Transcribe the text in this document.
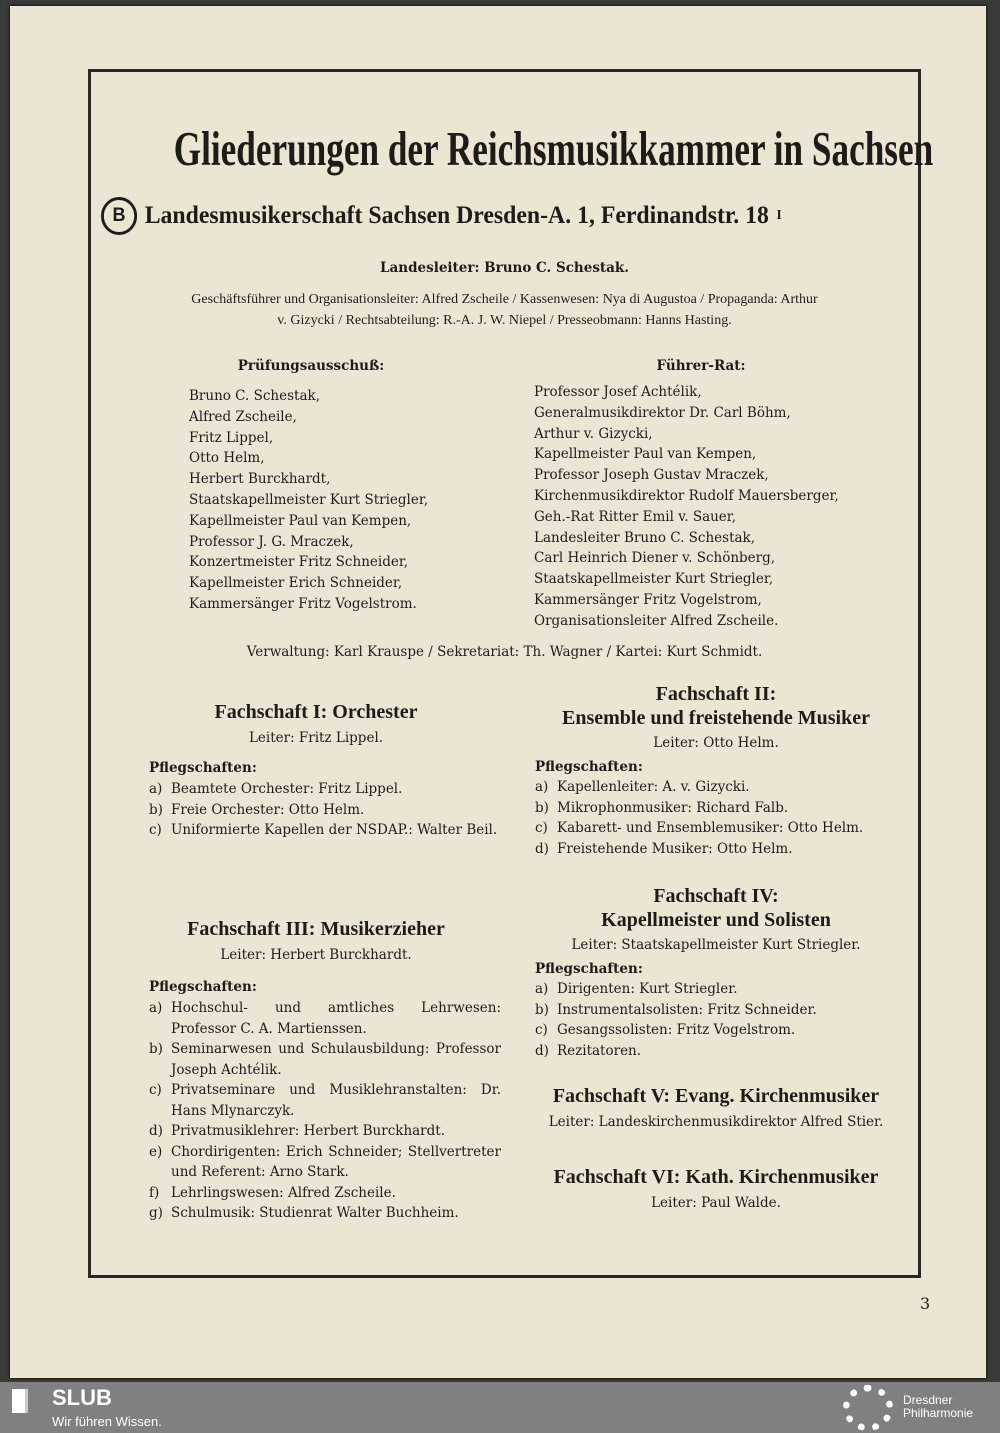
Gliederungen der Reichsmusikkammer in Sachsen
B Landesmusikerschaft Sachsen Dresden-A. 1, Ferdinandstr. 18 I
Landesleiter: Bruno C. Schestak.
Geschäftsführer und Organisationsleiter: Alfred Zscheile / Kassenwesen: Nya di Augustoa / Propaganda: Arthur
v. Gizycki / Rechtsabteilung: R.-A. J. W. Niepel / Presseobmann: Hanns Hasting.
Prüfungsausschuß:
Bruno C. Schestak,
Alfred Zscheile,
Fritz Lippel,
Otto Helm,
Herbert Burckhardt,
Staatskapellmeister Kurt Striegler,
Kapellmeister Paul van Kempen,
Professor J. G. Mraczek,
Konzertmeister Fritz Schneider,
Kapellmeister Erich Schneider,
Kammersänger Fritz Vogelstrom.
Führer-Rat:
Professor Josef Achtélik,
Generalmusikdirektor Dr. Carl Böhm,
Arthur v. Gizycki,
Kapellmeister Paul van Kempen,
Professor Joseph Gustav Mraczek,
Kirchenmusikdirektor Rudolf Mauersberger,
Geh.-Rat Ritter Emil v. Sauer,
Landesleiter Bruno C. Schestak,
Carl Heinrich Diener v. Schönberg,
Staatskapellmeister Kurt Striegler,
Kammersänger Fritz Vogelstrom,
Organisationsleiter Alfred Zscheile.
Verwaltung: Karl Krauspe / Sekretariat: Th. Wagner / Kartei: Kurt Schmidt.
Fachschaft I: Orchester
Leiter: Fritz Lippel.
Pflegschaften:
a) Beamtete Orchester: Fritz Lippel.
b) Freie Orchester: Otto Helm.
c) Uniformierte Kapellen der NSDAP.: Walter Beil.
Fachschaft II:
Ensemble und freistehende Musiker
Leiter: Otto Helm.
Pflegschaften:
a) Kapellenleiter: A. v. Gizycki.
b) Mikrophonmusiker: Richard Falb.
c) Kabarett- und Ensemblemusiker: Otto Helm.
d) Freistehende Musiker: Otto Helm.
Fachschaft III: Musikerzieher
Leiter: Herbert Burckhardt.
Pflegschaften:
a) Hochschul- und amtliches Lehrwesen: Professor C. A. Martienssen.
b) Seminarwesen und Schulausbildung: Professor Joseph Achtélik.
c) Privatseminare und Musiklehranstalten: Dr. Hans Mlynarczyk.
d) Privatmusiklehrer: Herbert Burckhardt.
e) Chordirigenten: Erich Schneider; Stellvertreter und Referent: Arno Stark.
f) Lehrlingswesen: Alfred Zscheile.
g) Schulmusik: Studienrat Walter Buchheim.
Fachschaft IV:
Kapellmeister und Solisten
Leiter: Staatskapellmeister Kurt Striegler.
Pflegschaften:
a) Dirigenten: Kurt Striegler.
b) Instrumentalsolisten: Fritz Schneider.
c) Gesangssolisten: Fritz Vogelstrom.
d) Rezitatoren.
Fachschaft V: Evang. Kirchenmusiker
Leiter: Landeskirchenmusikdirektor Alfred Stier.
Fachschaft VI: Kath. Kirchenmusiker
Leiter: Paul Walde.
3
SLUB
Wir führen Wissen.
Dresdner
Philharmonie
